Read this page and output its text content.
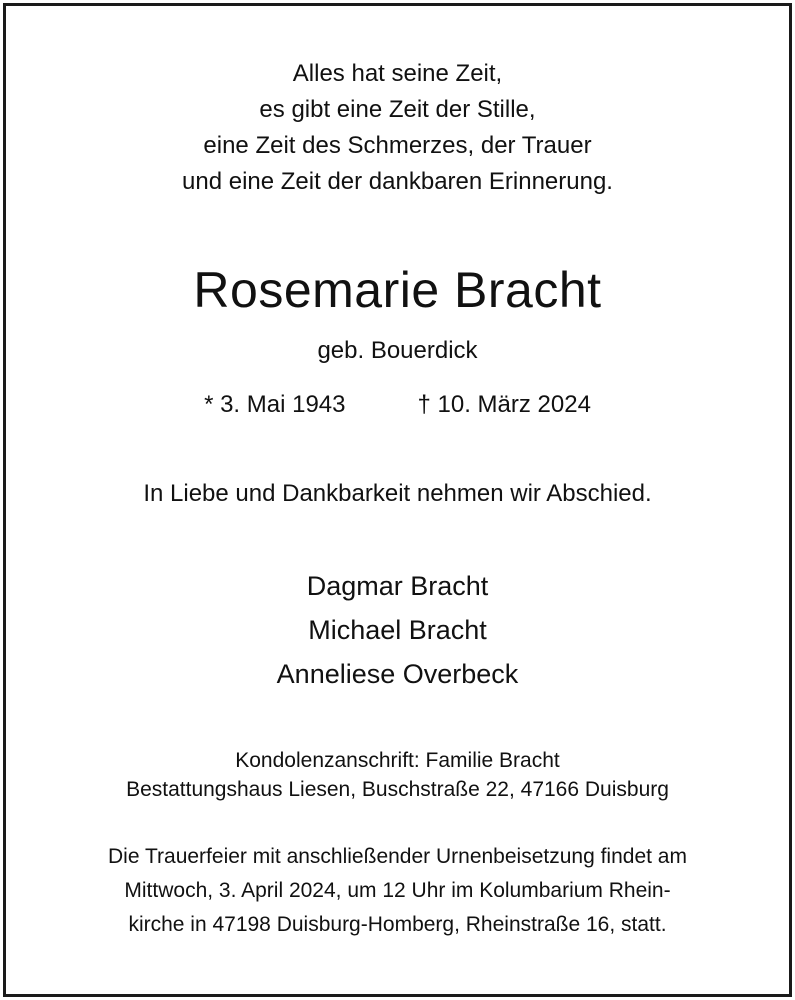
Alles hat seine Zeit,
es gibt eine Zeit der Stille,
eine Zeit des Schmerzes, der Trauer
und eine Zeit der dankbaren Erinnerung.
Rosemarie Bracht
geb. Bouerdick
* 3. Mai 1943	† 10. März 2024
In Liebe und Dankbarkeit nehmen wir Abschied.
Dagmar Bracht
Michael Bracht
Anneliese Overbeck
Kondolenzanschrift: Familie Bracht
Bestattungshaus Liesen, Buschstraße 22, 47166 Duisburg
Die Trauerfeier mit anschließender Urnenbeisetzung findet am
Mittwoch, 3. April 2024, um 12 Uhr im Kolumbarium Rhein-
kirche in 47198 Duisburg-Homberg, Rheinstraße 16, statt.
